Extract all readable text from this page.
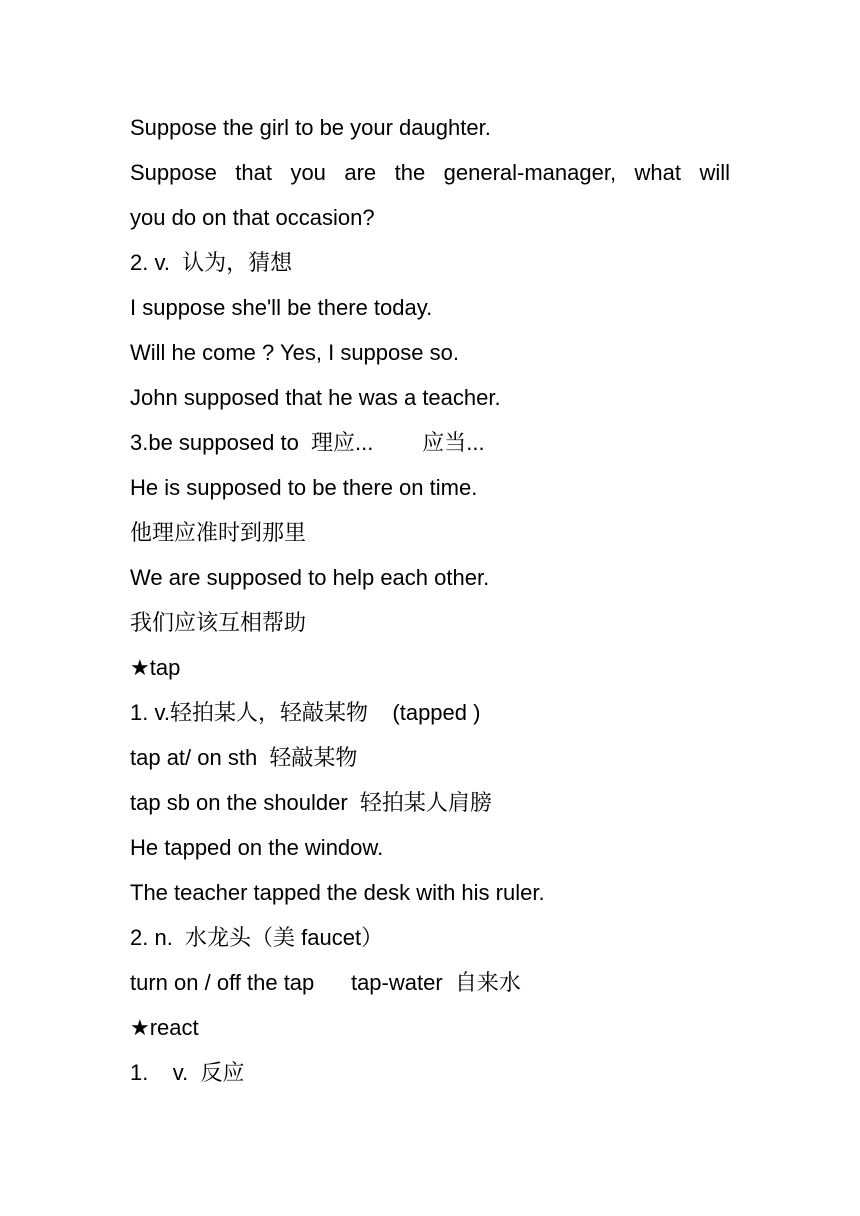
Suppose the girl to be your daughter.
Suppose that you are the general-manager, what will
you do on that occasion?
2. v.  认为，猜想
I suppose she'll be there today.
Will he come ? Yes, I suppose so.
John supposed that he was a teacher.
3.be supposed to  理应...        应当...
He is supposed to be there on time.
他理应准时到那里
We are supposed to help each other.
我们应该互相帮助
★tap
1. v.轻拍某人，轻敲某物    (tapped )
tap at/ on sth  轻敲某物
tap sb on the shoulder  轻拍某人肩膀
He tapped on the window.
The teacher tapped the desk with his ruler.
2. n.  水龙头（美 faucet）
turn on / off the tap      tap-water  自来水
★react
1.    v.  反应
